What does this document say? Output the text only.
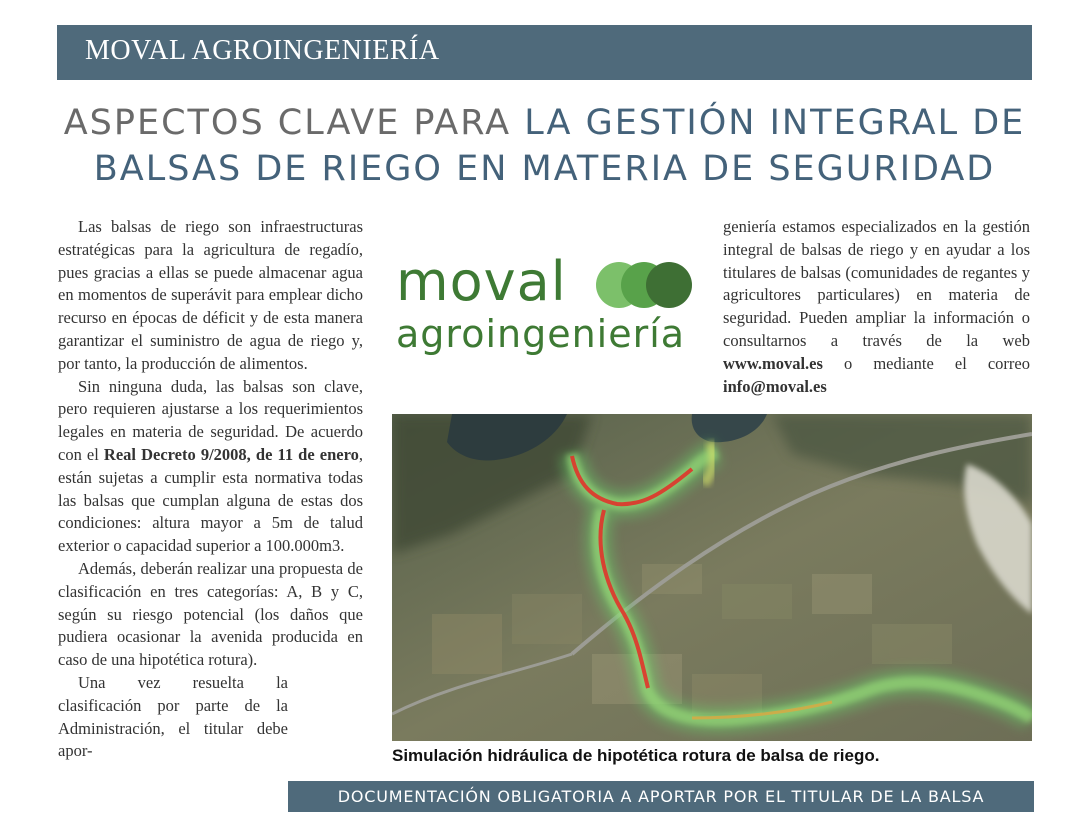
MOVAL AGROINGENIERÍA
ASPECTOS CLAVE PARA LA GESTIÓN INTEGRAL DE
BALSAS DE RIEGO EN MATERIA DE SEGURIDAD

Las balsas de riego son infraestructuras estratégicas para la agricultura de regadío, pues gracias a ellas se puede almacenar agua en momentos de superávit para emplear dicho recurso en épocas de déficit y de esta manera garantizar el suministro de agua de riego y, por tanto, la producción de alimentos.

Sin ninguna duda, las balsas son clave, pero requieren ajustarse a los requerimientos legales en materia de seguridad. De acuerdo con el Real Decreto 9/2008, de 11 de enero, están sujetas a cumplir esta normativa todas las balsas que cumplan alguna de estas dos condiciones: altura mayor a 5m de talud exterior o capacidad superior a 100.000m3.

Además, deberán realizar una propuesta de clasificación en tres categorías: A, B y C, según su riesgo potencial (los daños que pudiera ocasionar la avenida producida en caso de una hipotética rotura).

Una vez resuelta la clasificación por parte de la Administración, el titular debe apor-

moval
agroingeniería

geniería estamos especializados en la gestión integral de balsas de riego y en ayudar a los titulares de balsas (comunidades de regantes y agricultores particulares) en materia de seguridad. Pueden ampliar la información o consultarnos a través de la web www.moval.es o mediante el correo info@moval.es

Simulación hidráulica de hipotética rotura de balsa de riego.
DOCUMENTACIÓN OBLIGATORIA A APORTAR POR EL TITULAR DE LA BALSA
